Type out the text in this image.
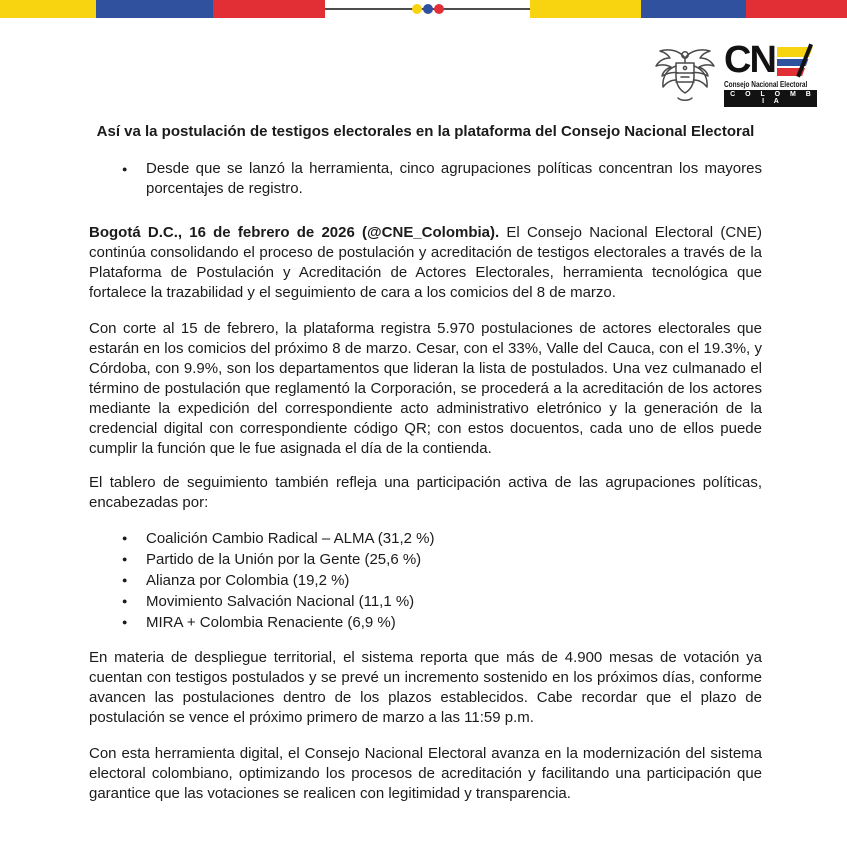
CN
Consejo Nacional Electoral
C O L O M B I A
Así va la postulación de testigos electorales en la plataforma del Consejo Nacional Electoral
● Desde que se lanzó la herramienta, cinco agrupaciones políticas concentran los mayores porcentajes de registro.

Bogotá D.C., 16 de febrero de 2026 (@CNE_Colombia). El Consejo Nacional Electoral (CNE) continúa consolidando el proceso de postulación y acreditación de testigos electorales a través de la Plataforma de Postulación y Acreditación de Actores Electorales, herramienta tecnológica que fortalece la trazabilidad y el seguimiento de cara a los comicios del 8 de marzo.

Con corte al 15 de febrero, la plataforma registra 5.970 postulaciones de actores electorales que estarán en los comicios del próximo 8 de marzo. Cesar, con el 33%, Valle del Cauca, con el 19.3%, y Córdoba, con 9.9%, son los departamentos que lideran la lista de postulados. Una vez culmanado el término de postulación que reglamentó la Corporación, se procederá a la acreditación de los actores mediante la expedición del correspondiente acto administrativo eletrónico y la generación de la credencial digital con correspondiente código QR; con estos docuentos, cada uno de ellos puede cumplir la función que le fue asignada el día de la contienda.

El tablero de seguimiento también refleja una participación activa de las agrupaciones políticas, encabezadas por:

● Coalición Cambio Radical – ALMA (31,2 %)
● Partido de la Unión por la Gente (25,6 %)
● Alianza por Colombia (19,2 %)
● Movimiento Salvación Nacional (11,1 %)
● MIRA + Colombia Renaciente (6,9 %)

En materia de despliegue territorial, el sistema reporta que más de 4.900 mesas de votación ya cuentan con testigos postulados y se prevé un incremento sostenido en los próximos días, conforme avancen las postulaciones dentro de los plazos establecidos. Cabe recordar que el plazo de postulación se vence el próximo primero de marzo a las 11:59 p.m.

Con esta herramienta digital, el Consejo Nacional Electoral avanza en la modernización del sistema electoral colombiano, optimizando los procesos de acreditación y facilitando una participación que garantice que las votaciones se realicen con legitimidad y transparencia.
